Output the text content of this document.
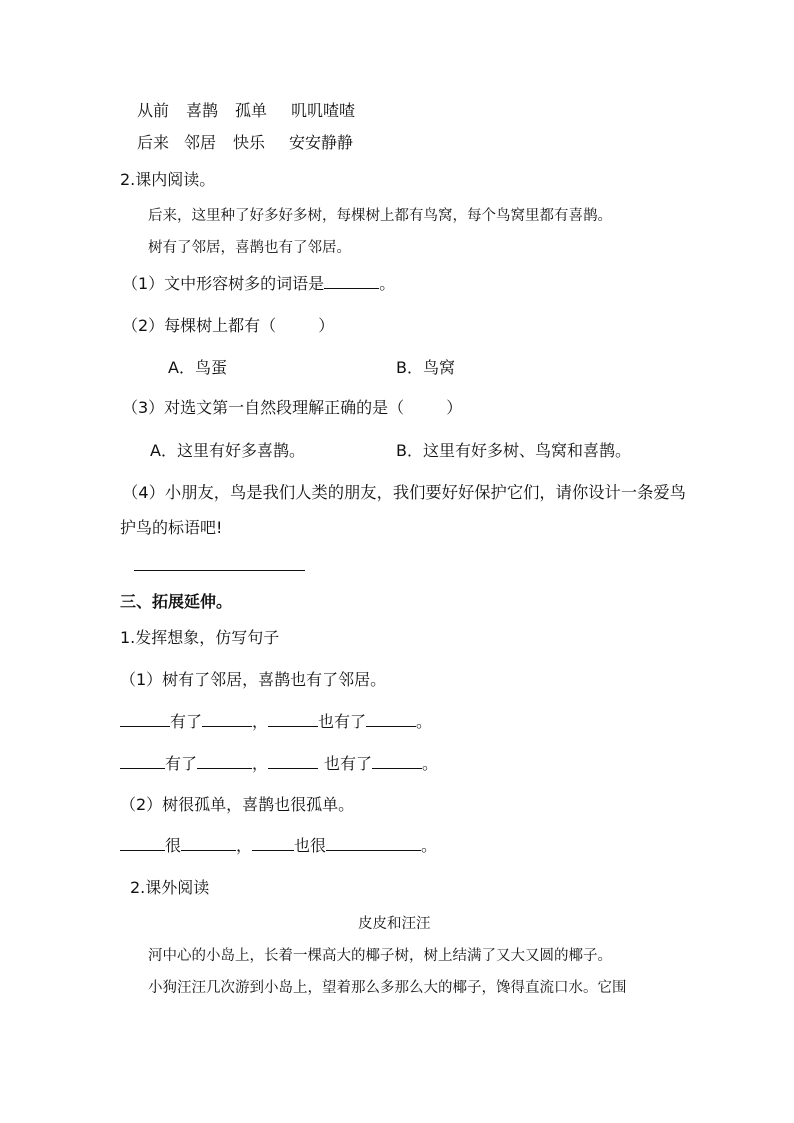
从前 喜鹊 孤单 叽叽喳喳
后来 邻居 快乐 安安静静
2.课内阅读。
后来，这里种了好多好多树，每棵树上都有鸟窝，每个鸟窝里都有喜鹊。
树有了邻居，喜鹊也有了邻居。
（1）文中形容树多的词语是	。
（2）每棵树上都有（	）
A．鸟蛋	B．鸟窝
（3）对选文第一自然段理解正确的是（	）
A．这里有好多喜鹊。	B．这里有好多树、鸟窝和喜鹊。
（4）小朋友，鸟是我们人类的朋友，我们要好好保护它们，请你设计一条爱鸟
护鸟的标语吧!
三、拓展延伸。
1.发挥想象，仿写句子
（1）树有了邻居，喜鹊也有了邻居。
有了	，	也有了	。
有了	，	也有了	。
（2）树很孤单，喜鹊也很孤单。
很	，	也很	。
2.课外阅读
皮皮和汪汪
河中心的小岛上，长着一棵高大的椰子树，树上结满了又大又圆的椰子。
小狗汪汪几次游到小岛上，望着那么多那么大的椰子，馋得直流口水。它围
